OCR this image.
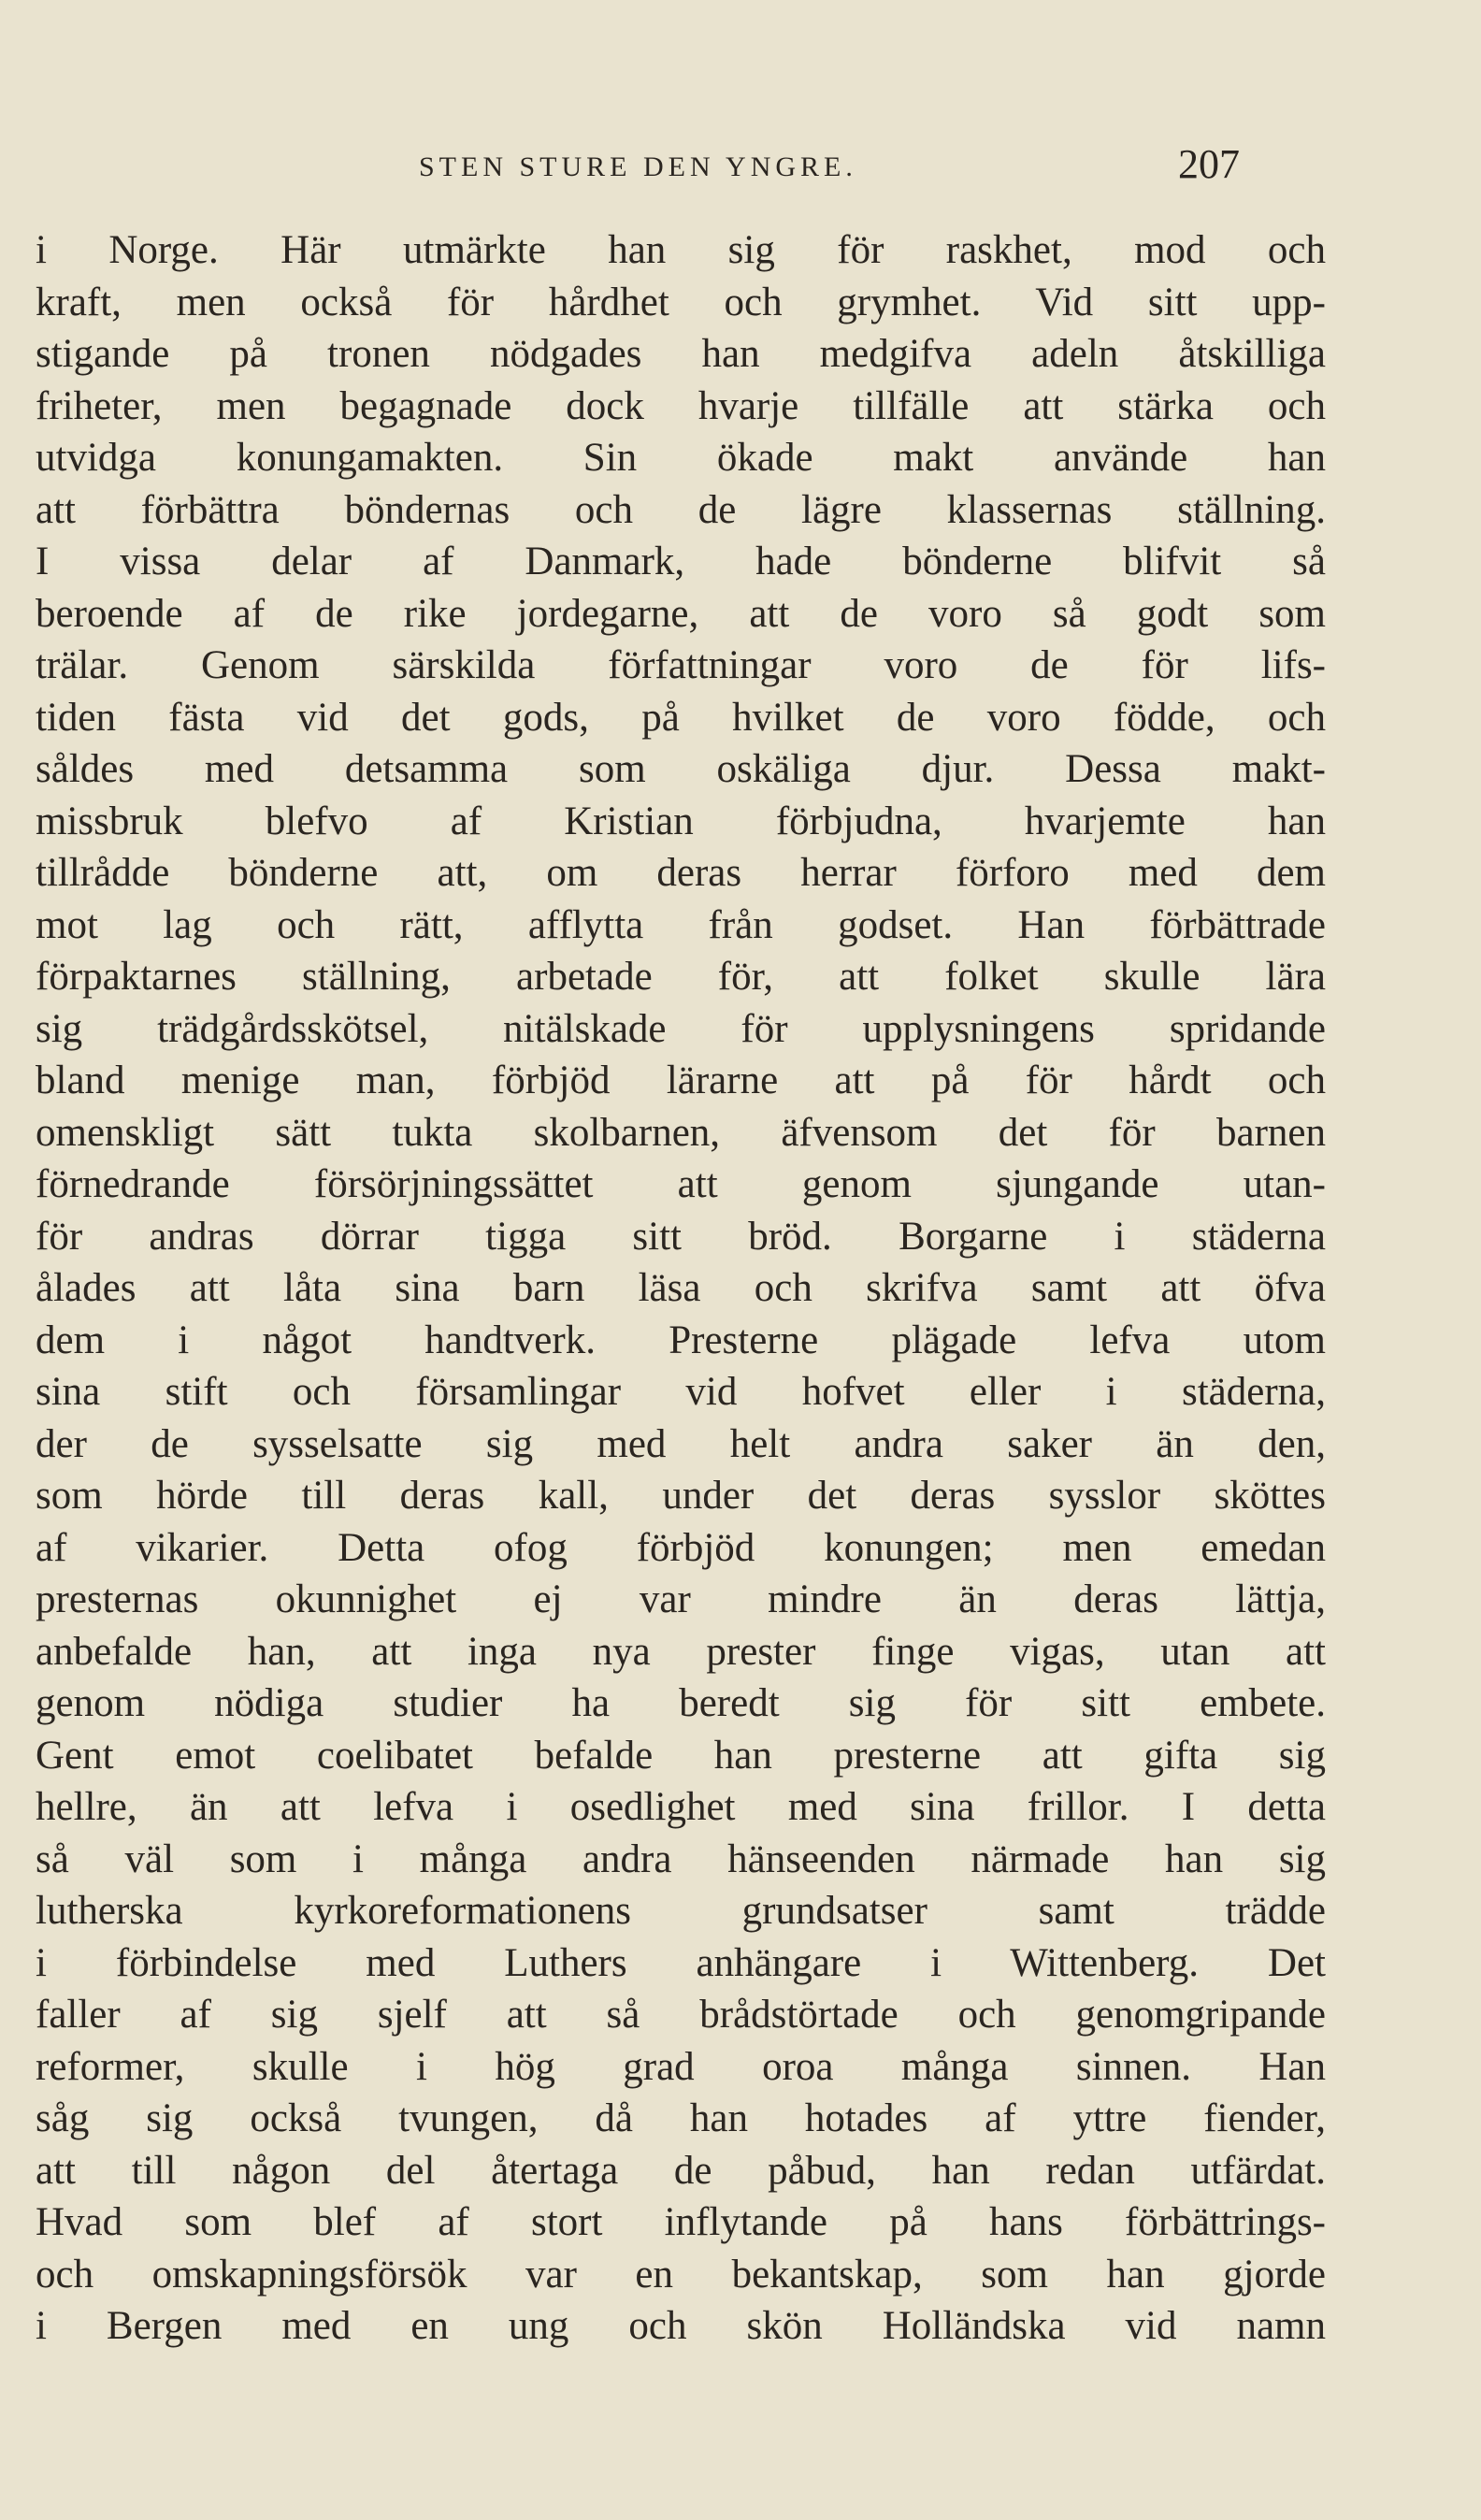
STEN STURE DEN YNGRE.	207
i Norge. Här utmärkte han sig för raskhet, mod och
kraft, men också för hårdhet och grymhet. Vid sitt upp-
stigande på tronen nödgades han medgifva adeln åtskilliga
friheter, men begagnade dock hvarje tillfälle att stärka och
utvidga konungamakten. Sin ökade makt använde han
att förbättra böndernas och de lägre klassernas ställning.
I vissa delar af Danmark, hade bönderne blifvit så
beroende af de rike jordegarne, att de voro så godt som
trälar. Genom särskilda författningar voro de för lifs-
tiden fästa vid det gods, på hvilket de voro födde, och
såldes med detsamma som oskäliga djur. Dessa makt-
missbruk blefvo af Kristian förbjudna, hvarjemte han
tillrådde bönderne att, om deras herrar förforo med dem
mot lag och rätt, afflytta från godset. Han förbättrade
förpaktarnes ställning, arbetade för, att folket skulle lära
sig trädgårdsskötsel, nitälskade för upplysningens spridande
bland menige man, förbjöd lärarne att på för hårdt och
omenskligt sätt tukta skolbarnen, äfvensom det för barnen
förnedrande försörjningssättet att genom sjungande utan-
för andras dörrar tigga sitt bröd. Borgarne i städerna
ålades att låta sina barn läsa och skrifva samt att öfva
dem i något handtverk. Presterne plägade lefva utom
sina stift och församlingar vid hofvet eller i städerna,
der de sysselsatte sig med helt andra saker än den,
som hörde till deras kall, under det deras sysslor sköttes
af vikarier. Detta ofog förbjöd konungen; men emedan
presternas okunnighet ej var mindre än deras lättja,
anbefalde han, att inga nya prester finge vigas, utan att
genom nödiga studier ha beredt sig för sitt embete.
Gent emot coelibatet befalde han presterne att gifta sig
hellre, än att lefva i osedlighet med sina frillor. I detta
så väl som i många andra hänseenden närmade han sig
lutherska kyrkoreformationens grundsatser samt trädde
i förbindelse med Luthers anhängare i Wittenberg. Det
faller af sig sjelf att så brådstörtade och genomgripande
reformer, skulle i hög grad oroa många sinnen. Han
såg sig också tvungen, då han hotades af yttre fiender,
att till någon del återtaga de påbud, han redan utfärdat.
Hvad som blef af stort inflytande på hans förbättrings-
och omskapningsförsök var en bekantskap, som han gjorde
i Bergen med en ung och skön Holländska vid namn
